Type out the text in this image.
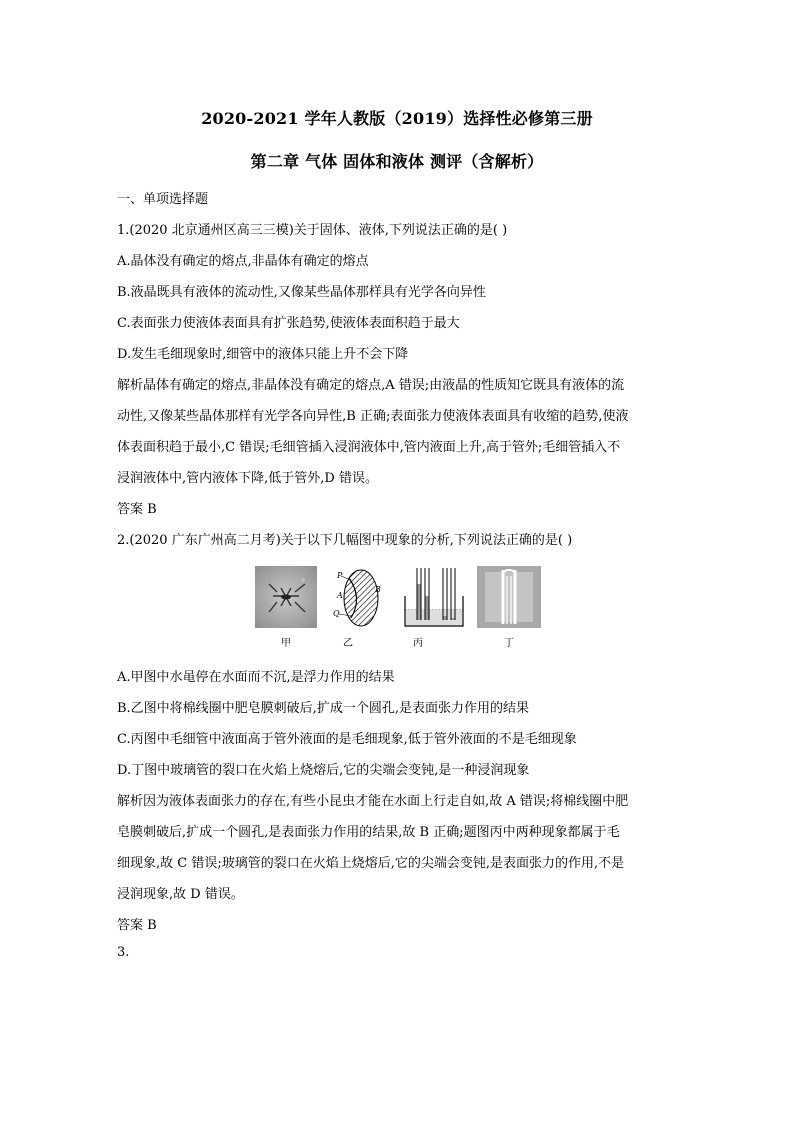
2020-2021 学年人教版（2019）选择性必修第三册
第二章 气体 固体和液体 测评（含解析）
一、单项选择题
1.(2020 北京通州区高三三模)关于固体、液体,下列说法正确的是( )
A.晶体没有确定的熔点,非晶体有确定的熔点
B.液晶既具有液体的流动性,又像某些晶体那样具有光学各向异性
C.表面张力使液体表面具有扩张趋势,使液体表面积趋于最大
D.发生毛细现象时,细管中的液体只能上升不会下降
解析晶体有确定的熔点,非晶体没有确定的熔点,A 错误;由液晶的性质知它既具有液体的流
动性,又像某些晶体那样有光学各向异性,B 正确;表面张力使液体表面具有收缩的趋势,使液
体表面积趋于最小,C 错误;毛细管插入浸润液体中,管内液面上升,高于管外;毛细管插入不
浸润液体中,管内液体下降,低于管外,D 错误。
答案 B
2.(2020 广东广州高二月考)关于以下几幅图中现象的分析,下列说法正确的是( )
P
A
B
Q
甲	乙	丙	丁
A.甲图中水黾停在水面而不沉,是浮力作用的结果
B.乙图中将棉线圈中肥皂膜刺破后,扩成一个圆孔,是表面张力作用的结果
C.丙图中毛细管中液面高于管外液面的是毛细现象,低于管外液面的不是毛细现象
D.丁图中玻璃管的裂口在火焰上烧熔后,它的尖端会变钝,是一种浸润现象
解析因为液体表面张力的存在,有些小昆虫才能在水面上行走自如,故 A 错误;将棉线圈中肥
皂膜刺破后,扩成一个圆孔,是表面张力作用的结果,故 B 正确;题图丙中两种现象都属于毛
细现象,故 C 错误;玻璃管的裂口在火焰上烧熔后,它的尖端会变钝,是表面张力的作用,不是
浸润现象,故 D 错误。
答案 B
3.
